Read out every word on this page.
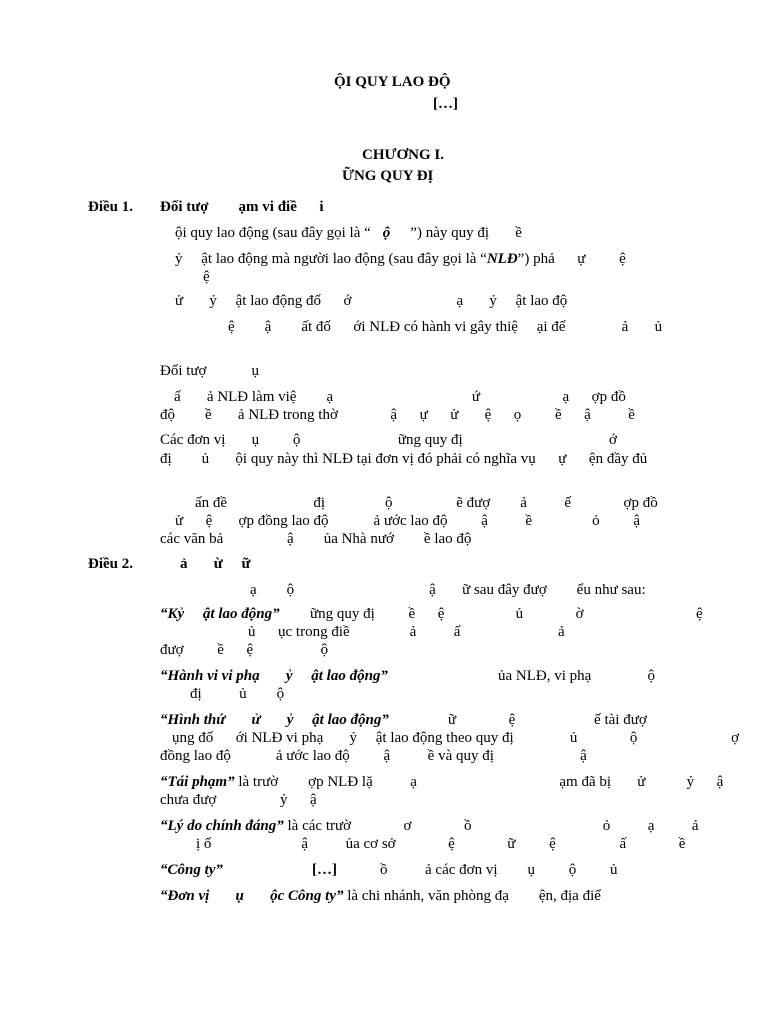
ỘI QUY LAO ĐỘ
[…]
CHƯƠNG I.
ỮNG QUY ĐỊ
Điều 1. Đối tượ        ạm vi điề      i
ội quy lao động (sau đây gọi là “ ộ ”) này quy đị       ề
ỷ     ật lao động mà người lao động (sau đây gọi là “NLĐ”) phả      ự         ệ
ệ
ử       ỷ     ật lao động đố      ớ                            ạ       ỷ     ật lao độ
ệ        ậ        ất đố      ới NLĐ có hành vi gây thiệ     ại đế               ả       ủ
Đối tượ            ụ
ấ       ả NLĐ làm việ        ạ                                     ứ                      ạ      ợp đồ
độ        ề       ả NLĐ trong thờ              ậ      ự      ử       ệ      ọ         ề      ậ          ề
Các đơn vị       ụ         ộ                          ững quy đị                                       ớ
đị        ủ       ội quy này thì NLĐ tại đơn vị đó phải có nghĩa vụ      ự      ện đầy đủ
ấn đề                       đị                ộ                 ẽ đượ        ả          ế              ợp đồ
ử      ệ       ợp đồng lao độ            ả ước lao độ         ậ          ề                ỏ         ậ
các văn bả                 ậ        ủa Nhà nướ        ề lao độ
Điều 2.	ả       ừ     ữ
ạ        ộ                                    ậ       ữ sau đây đượ        ểu như sau:
“Kỷ     ật lao động” ững quy đị         ề      ệ                   ủ              ờ                              ệ
ủ      ục trong điề                ả          ấ                          ả
đượ         ề      ệ                  ộ
“Hành vi vi phạ       ỷ     ật lao động”	ủa NLĐ, vi phạ               ộ
đị          ủ        ộ
“Hình thứ       ử       ỷ     ật lao động”	ữ              ệ                     ế tài đượ
ụng đố      ới NLĐ vi phạ       ỷ     ật lao động theo quy đị               ủ              ộ                         ợ
đồng lao độ            ả ước lao độ         ậ          ề và quy đị                       ậ
“Tái phạm” là trườ        ợp NLĐ lặ          ạ                                      ạm đã bị       ử           ỷ      ậ
chưa đượ                 ỷ      ậ
“Lý do chính đáng” là các trườ              ơ              ồ                                   ỏ          ạ          ả
ị ố                        ậ          ủa cơ sở              ệ              ữ         ệ                 ấ              ề
“Công ty”	[…]	ồ          ả các đơn vị        ụ         ộ         ủ
“Đơn vị       ụ       ộc Công ty” là chi nhánh, văn phòng đạ        ện, địa điể
